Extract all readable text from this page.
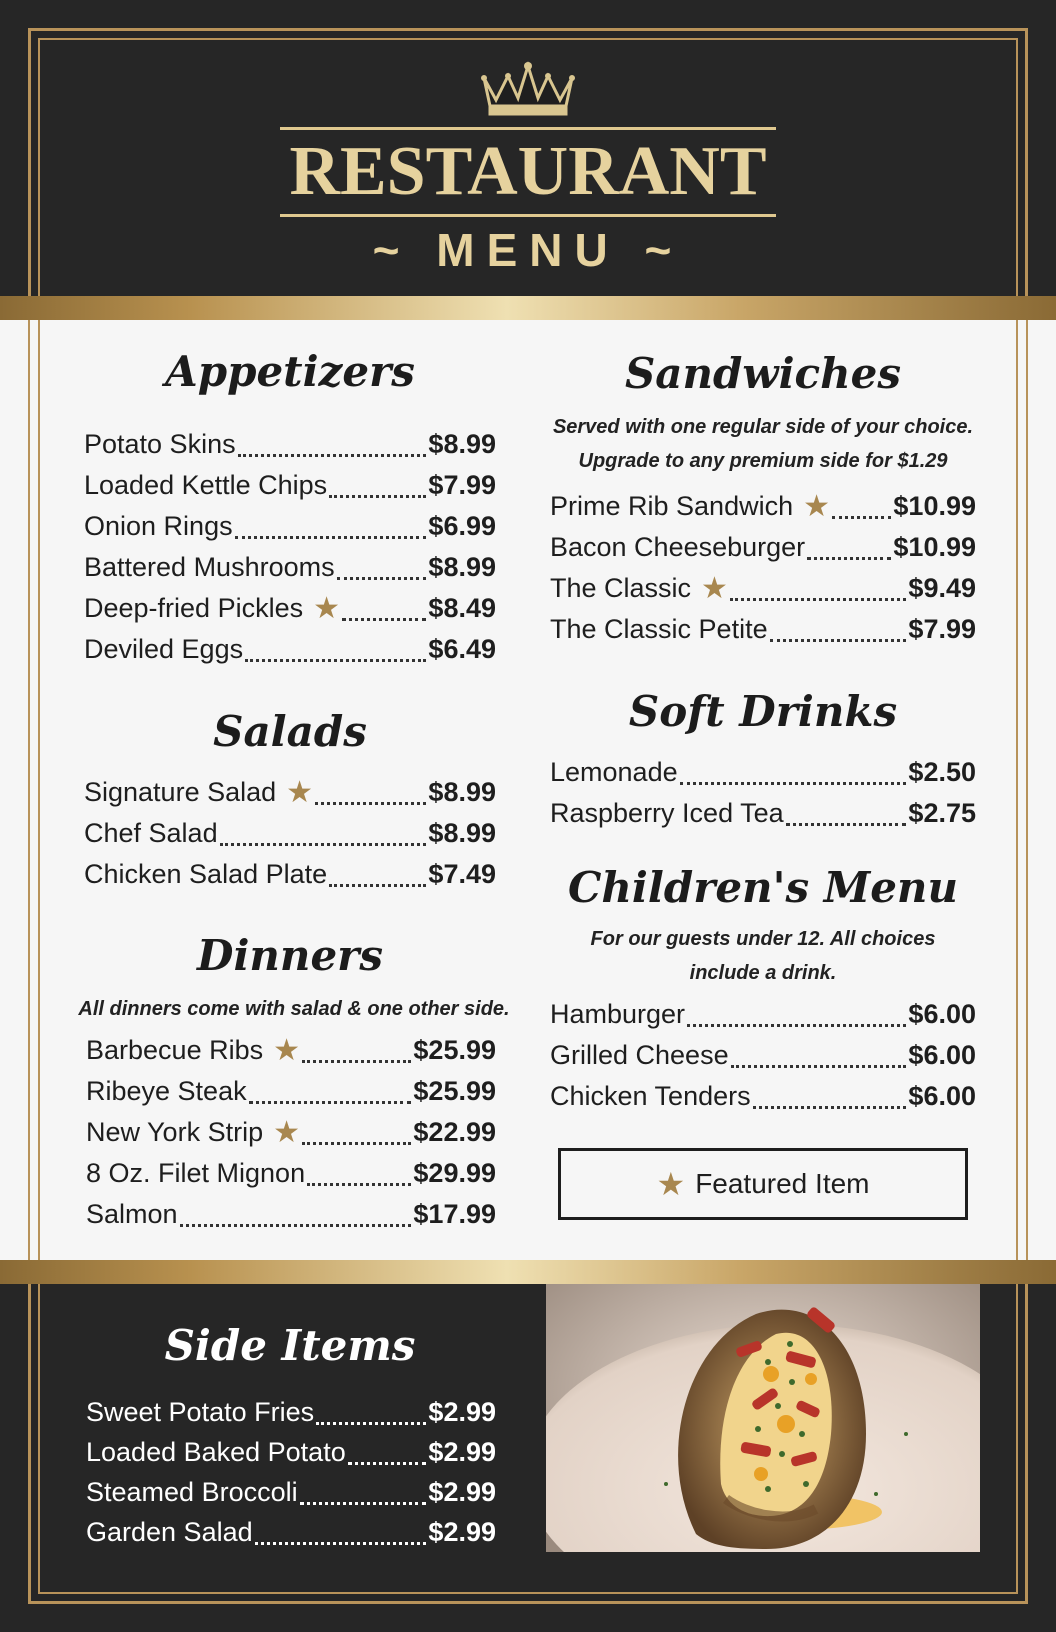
RESTAURANT
~ MENU ~
Appetizers
Potato Skins	$8.99
Loaded Kettle Chips	$7.99
Onion Rings	$6.99
Battered Mushrooms	$8.99
Deep-fried Pickles ★	$8.49
Deviled Eggs	$6.49
Salads
Signature Salad ★	$8.99
Chef Salad	$8.99
Chicken Salad Plate	$7.49
Dinners
All dinners come with salad & one other side.
Barbecue Ribs ★	$25.99
Ribeye Steak	$25.99
New York Strip ★	$22.99
8 Oz. Filet Mignon	$29.99
Salmon	$17.99
Sandwiches
Served with one regular side of your choice.
Upgrade to any premium side for $1.29
Prime Rib Sandwich ★ $10.99
Bacon Cheeseburger	$10.99
The Classic ★	$9.49
The Classic Petite	$7.99
Soft Drinks
Lemonade	$2.50
Raspberry Iced Tea	$2.75
Children's Menu
For our guests under 12. All choices
include a drink.
Hamburger	$6.00
Grilled Cheese	$6.00
Chicken Tenders	$6.00
★ Featured Item
Side Items
Sweet Potato Fries	$2.99
Loaded Baked Potato	$2.99
Steamed Broccoli	$2.99
Garden Salad	$2.99
